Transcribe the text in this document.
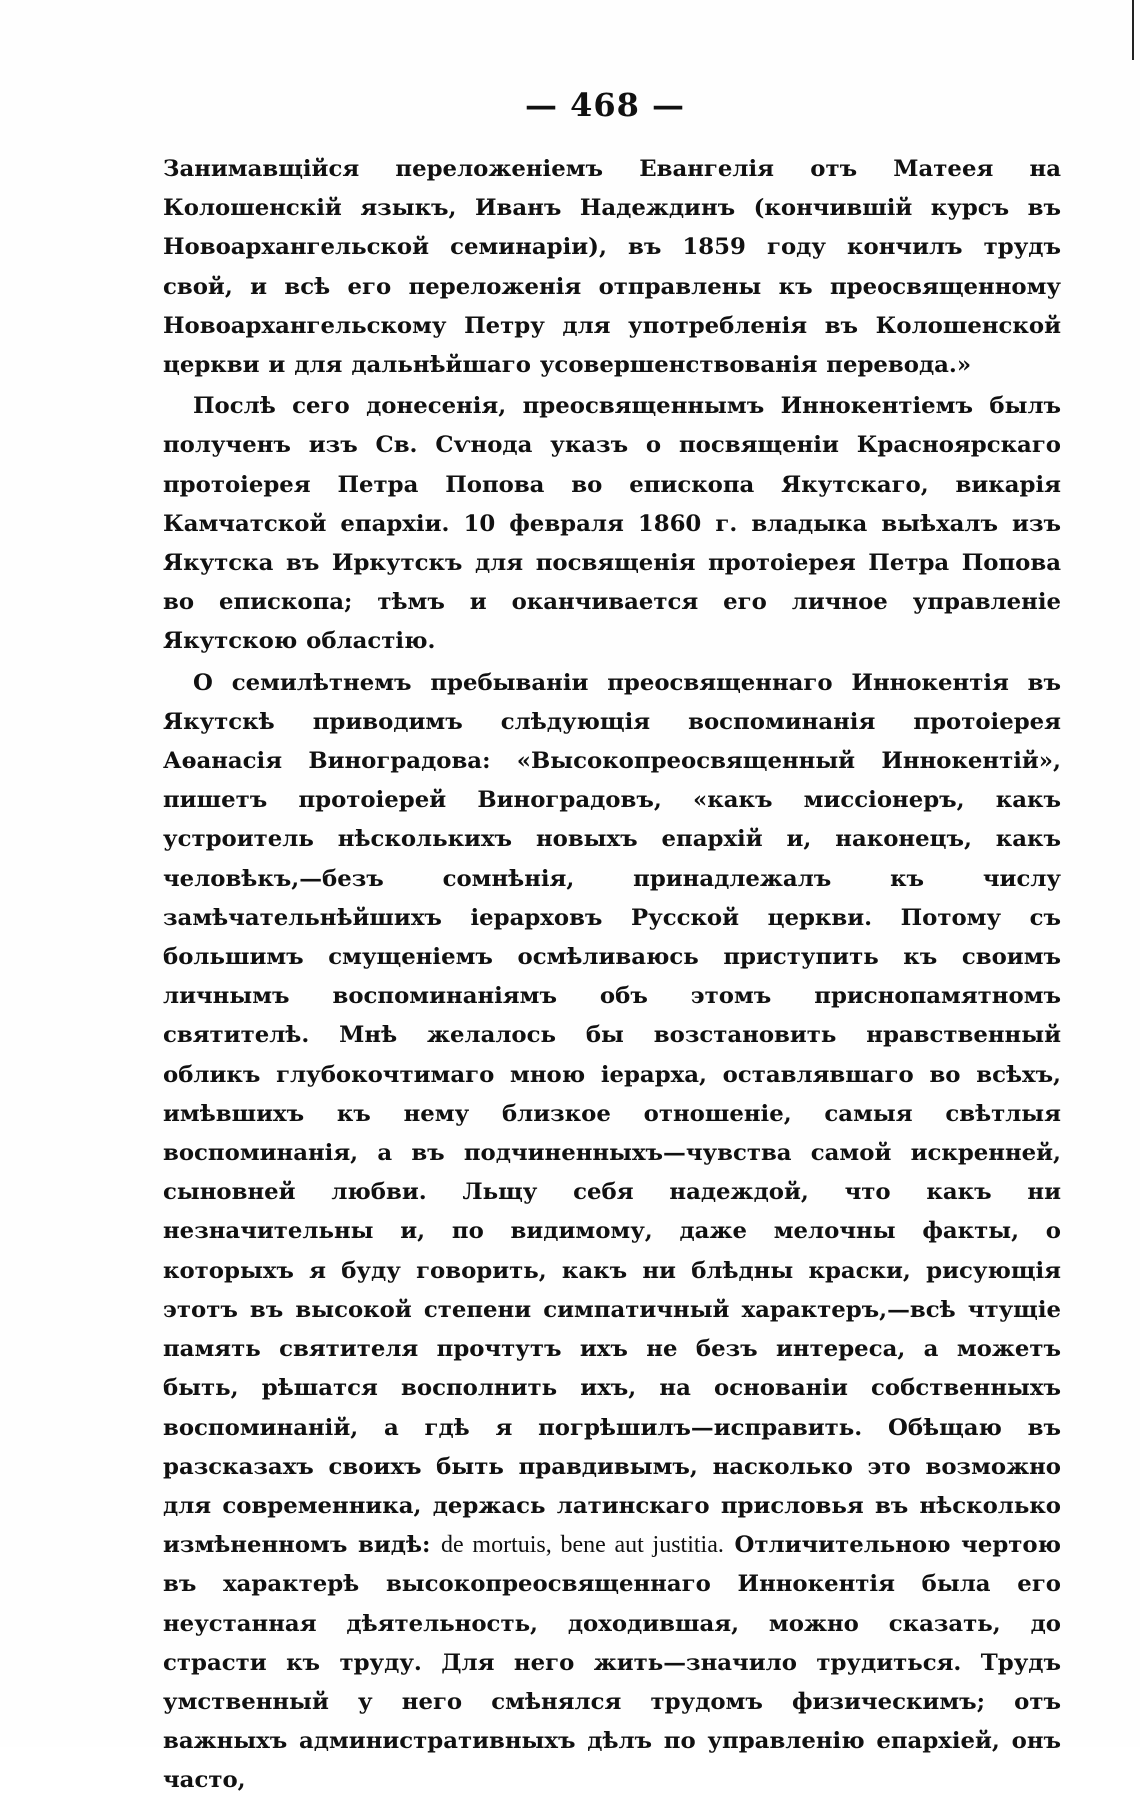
— 468 —

Занимавщійся переложеніемъ Евангелія отъ Матеея на Колошенскій языкъ, Иванъ Надеждинъ (кончившій курсъ въ Новоархангельской семинаріи), въ 1859 году кончилъ трудъ свой, и всѣ его переложенія отправлены къ преосвященному Новоархангельскому Петру для употребленія въ Колошенской церкви и для дальнѣйшаго усовершенствованія перевода.»

Послѣ сего донесенія, преосвященнымъ Иннокентіемъ былъ полученъ изъ Св. Сѵнода указъ о посвященіи Красноярскаго протоіерея Петра Попова во епископа Якутскаго, викарія Камчатской епархіи. 10 февраля 1860 г. владыка выѣхалъ изъ Якутска въ Иркутскъ для посвященія протоіерея Петра Попова во епископа; тѣмъ и оканчивается его личное управленіе Якутскою областію.

О семилѣтнемъ пребываніи преосвященнаго Иннокентія въ Якутскѣ приводимъ слѣдующія воспоминанія протоіерея Аѳанасія Виноградова: «Высокопреосвященный Иннокентій», пишетъ протоіерей Виноградовъ, «какъ миссіонеръ, какъ устроитель нѣсколькихъ новыхъ епархій и, наконецъ, какъ человѣкъ,—безъ сомнѣнія, принадлежалъ къ числу замѣчательнѣйшихъ іерарховъ Русской церкви. Потому съ большимъ смущеніемъ осмѣливаюсь приступить къ своимъ личнымъ воспоминаніямъ объ этомъ приснопамятномъ святителѣ. Мнѣ желалось бы возстановить нравственный обликъ глубокочтимаго мною іерарха, оставлявшаго во всѣхъ, имѣвшихъ къ нему близкое отношеніе, самыя свѣтлыя воспоминанія, а въ подчиненныхъ—чувства самой искренней, сыновней любви. Льщу себя надеждой, что какъ ни незначительны и, по видимому, даже мелочны факты, о которыхъ я буду говорить, какъ ни блѣдны краски, рисующія этотъ въ высокой степени симпатичный характеръ,—всѣ чтущіе память святителя прочтутъ ихъ не безъ интереса, а можетъ быть, рѣшатся восполнить ихъ, на основаніи собственныхъ воспоминаній, а гдѣ я погрѣшилъ—исправить. Обѣщаю въ разсказахъ своихъ быть правдивымъ, насколько это возможно для современника, держась латинскаго присловья въ нѣсколько измѣненномъ видѣ: de mortuis, bene aut justitia. Отличительною чертою въ характерѣ высокопреосвященнаго Иннокентія была его неустанная дѣятельность, доходившая, можно сказать, до страсти къ труду. Для него жить—значило трудиться. Трудъ умственный у него смѣнялся трудомъ физическимъ; отъ важныхъ административныхъ дѣлъ по управленію епархіей, онъ часто,
